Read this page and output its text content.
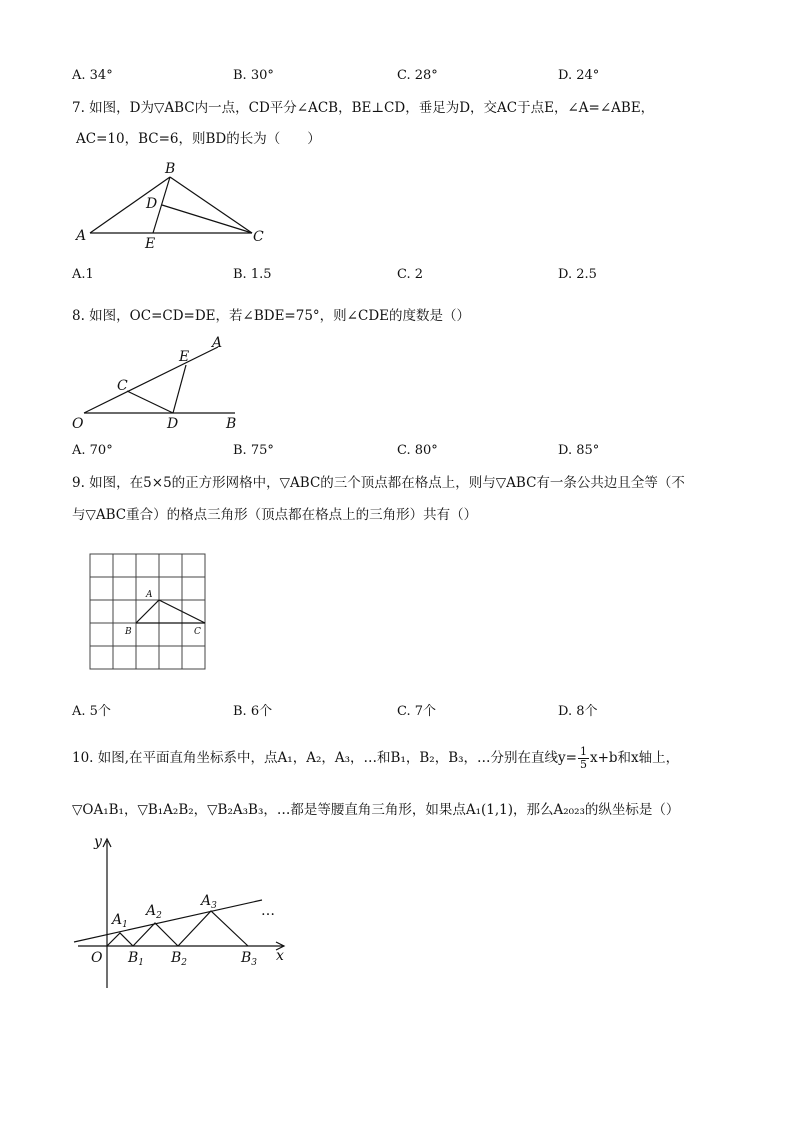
A. 34°	B. 30°	C. 28°	D. 24°
7. 如图，D为▽ABC内一点，CD平分∠ACB，BE⊥CD，垂足为D，交AC于点E，∠A=∠ABE，
AC=10，BC=6，则BD的长为（　　）
B
A	C
D
E
A.1	B. 1.5	C. 2	D. 2.5
8. 如图，OC=CD=DE，若∠BDE=75°，则∠CDE的度数是（）
O
C
D
E
A
B
A. 70°	B. 75°	C. 80°	D. 85°
9. 如图，在5×5的正方形网格中，▽ABC的三个顶点都在格点上，则与▽ABC有一条公共边且全等（不
与▽ABC重合）的格点三角形（顶点都在格点上的三角形）共有（）
A
B	C
A. 5个	B. 6个	C. 7个	D. 8个
10. 如图,在平面直角坐标系中，点A₁，A₂，A₃，…和B₁，B₂，B₃，…分别在直线$y= \frac{1}{5} x+b$和x轴上，
▽OA₁B₁，▽B₁A₂B₂，▽B₂A₃B₃，…都是等腰直角三角形，如果点A₁(1,1)，那么A₂₀₂₃的纵坐标是（）
y
x
O
$A_1$
$A_2$
$A_3$
$B_1$ $B_2$	$B_3$
…
